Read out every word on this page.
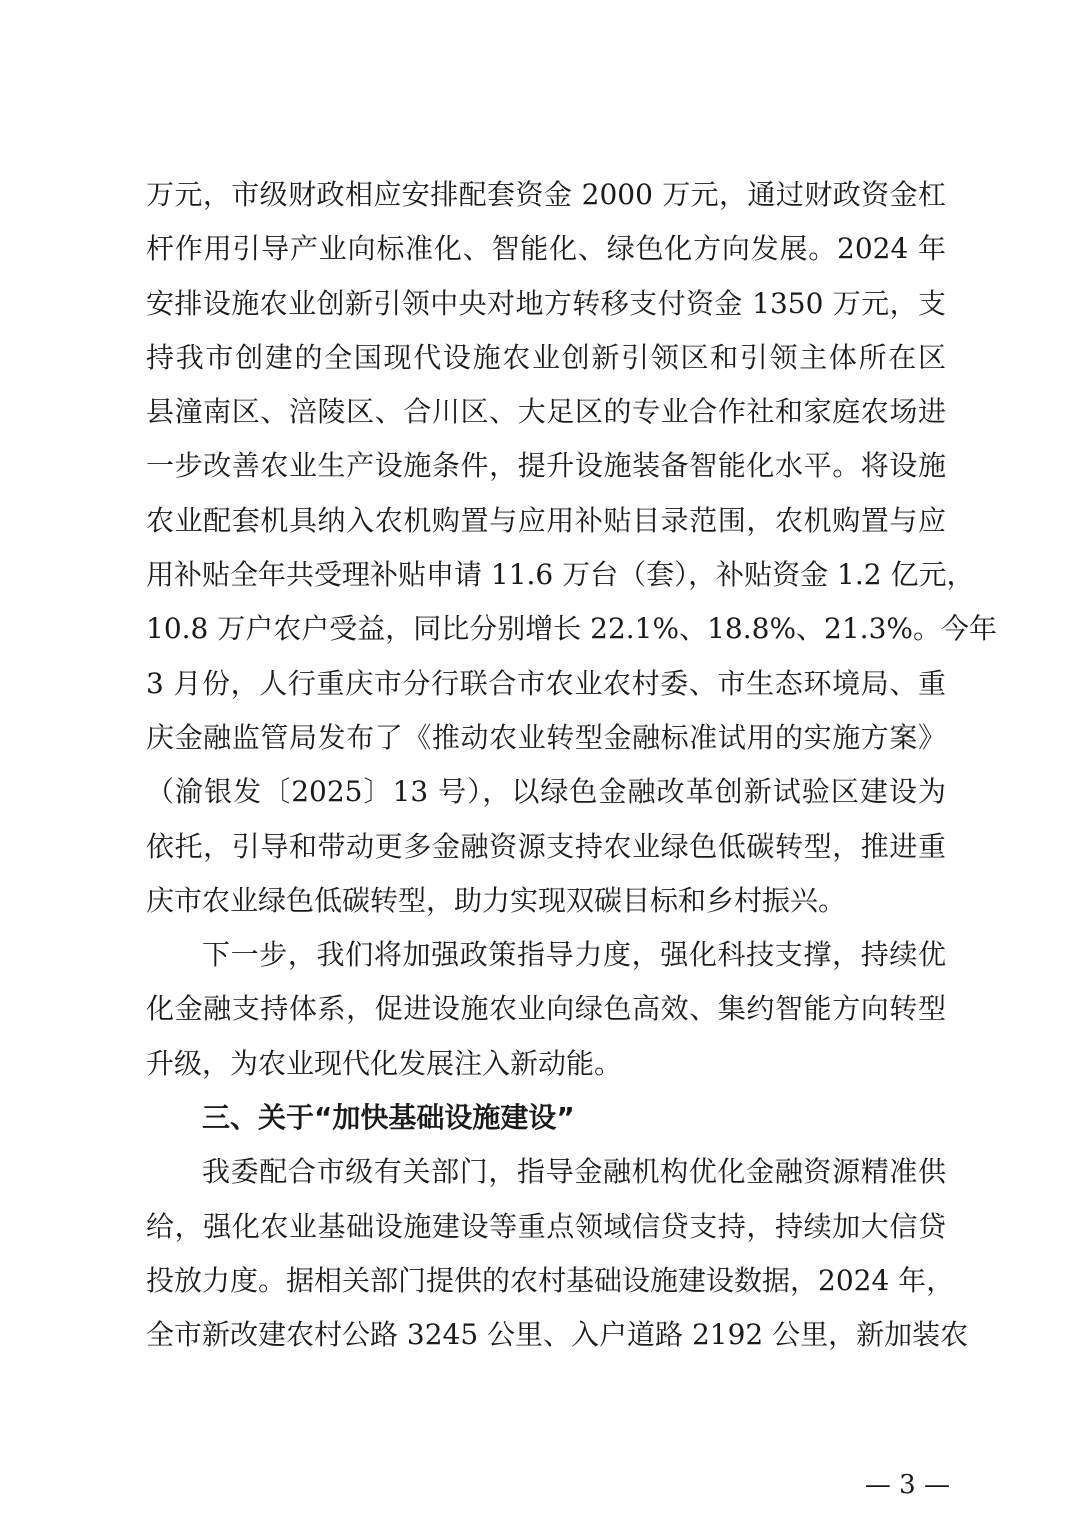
万元，市级财政相应安排配套资金 2000 万元，通过财政资金杠
杆作用引导产业向标准化、智能化、绿色化方向发展。2024 年
安排设施农业创新引领中央对地方转移支付资金 1350 万元，支
持我市创建的全国现代设施农业创新引领区和引领主体所在区
县潼南区、涪陵区、合川区、大足区的专业合作社和家庭农场进
一步改善农业生产设施条件，提升设施装备智能化水平。将设施
农业配套机具纳入农机购置与应用补贴目录范围，农机购置与应
用补贴全年共受理补贴申请 11.6 万台（套），补贴资金 1.2 亿元，
10.8 万户农户受益，同比分别增长 22.1%、18.8%、21.3%。今年
3 月份，人行重庆市分行联合市农业农村委、市生态环境局、重
庆金融监管局发布了《推动农业转型金融标准试用的实施方案》
（渝银发〔2025〕13 号），以绿色金融改革创新试验区建设为
依托，引导和带动更多金融资源支持农业绿色低碳转型，推进重
庆市农业绿色低碳转型，助力实现双碳目标和乡村振兴。
下一步，我们将加强政策指导力度，强化科技支撑，持续优
化金融支持体系，促进设施农业向绿色高效、集约智能方向转型
升级，为农业现代化发展注入新动能。
三、关于“加快基础设施建设”
我委配合市级有关部门，指导金融机构优化金融资源精准供
给，强化农业基础设施建设等重点领域信贷支持，持续加大信贷
投放力度。据相关部门提供的农村基础设施建设数据，2024 年，
全市新改建农村公路 3245 公里、入户道路 2192 公里，新加装农
— 3 —
